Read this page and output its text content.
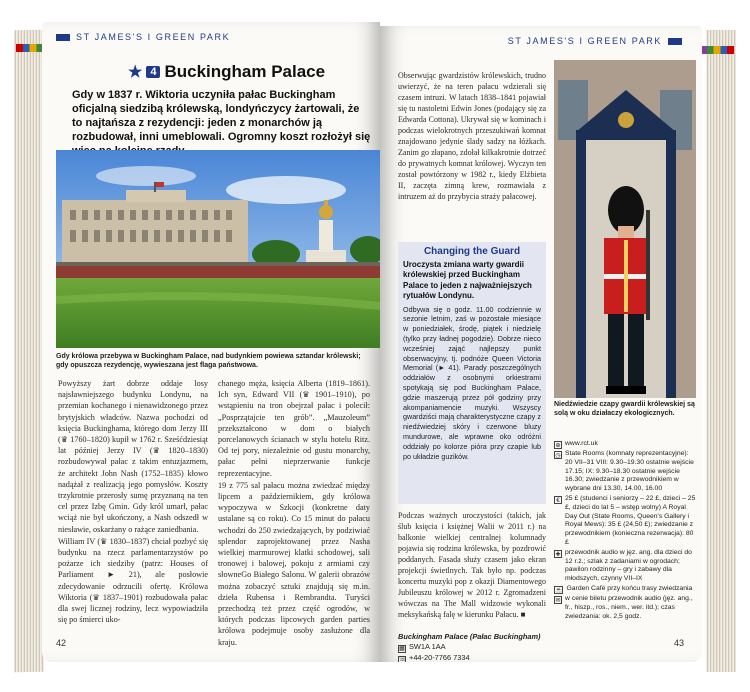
ST JAMES'S I GREEN PARK
★ 4 Buckingham Palace
Gdy w 1837 r. Wiktoria uczyniła pałac Buckingham oficjalną siedzibą królewską, londyńczycy żartowali, że to najtańsza z rezydencji: jeden z monarchów ją rozbudował, inni umeblowali. Ogromny koszt rozłożył się
Gdy królowa przebywa w Buckingham Palace, nad budynkiem powiewa sztandar królewski; gdy opuszcza rezydencję, wywieszana jest flaga państwowa.

Powyższy żart dobrze oddaje losy najsławniejszego budynku Londynu, na przemian kochanego i nienawidzonego przez brytyjskich władców. Nazwa pochodzi od księcia Buckinghama, którego dom Jerzy III (♛ 1760–1820) kupił w 1762 r. Sześćdziesiąt lat później Jerzy IV (♛ 1820–1830) rozbudowywał pałac z takim entuzjazmem, że architekt John Nash (1752–1835) kłowo nadążał z realizacją jego pomysłów. Koszty trzykrotnie przerosły sumę przyznaną na ten cel przez Izbę Gmin. Gdy król umarł, pałac wciąż nie był ukończony, a Nash odszedł w niesławie, oskarżany o rażące zaniedbania.

William IV (♛ 1830–1837) chciał pozbyć się budynku na rzecz parlamentarzystów po pożarze ich siedziby (patrz: Houses of Parliament ► 21), ale posłowie zdecydowanie odrzucili ofertę. Królowa Wiktoria (♛ 1837–1901) rozbudowała pałac dla swej licznej rodziny, lecz wypowiadziła się po śmierci uko-

chanego męża, księcia Alberta (1819–1861). Ich syn, Edward VII (♛ 1901–1910), po wstąpieniu na tron obejrzał pałac i polecił: „Posprzątajcie ten grób”. „Mauzoleum” przekształcono w dom o białych porcelanowych ścianach w stylu hotelu Ritz. Od tej pory, niezależnie od gustu monarchy, pałac pełni nieprzerwanie funkcje reprezentacyjne.

19 z 775 sal pałacu można zwiedzać między lipcem a październikiem, gdy królowa wypoczywa w Szkocji (konkretne daty ustalane są co roku). Co 15 minut do pałacu wchodzi do 250 zwiedzających, by podziwiać splendor zaprojektowanej przez Nasha wielkiej marmurowej klatki schodowej, sali tronowej i balowej, pokoju z armiami czy słowneGo Białego Salonu. W galerii obrazów można zobaczyć sztuki znajdują się m.in. dzieła Rubensa i Rembrandta. Turyści przechodzą też przez część ogrodów, w których podczas lipcowych garden parties królowa podejmuje osoby zasłużone dla kraju.

42
ST JAMES'S I GREEN PARK
Obserwując gwardzistów królewskich, trudno uwierzyć, że na teren pałacu wdzierali się czasem intruzi. W latach 1838–1841 pojawiał się tu nastoletni Edwin Jones (podający się za Edwarda Cottona). Ukrywał się w kominach i podczas wielokrotnych przeszukiwań komnat znajdowano jedynie ślady sadzy na łóżkach. Zanim go złapano, zdołał kilkakrotnie dotrzeć do prywatnych komnat królowej. Wyczyn ten został powtórzony w 1982 r., kiedy Elżbieta II, zaczęta zimną krew, rozmawiała z intruzem aż do przybycia straży pałacowej.
Niedźwiedzie czapy gwardii królewskiej są solą w oku działaczy ekologicznych.
Changing the Guard
Uroczysta zmiana warty gwardii królewskiej przed Buckingham Palace to jeden z najważniejszych rytuałów Londynu.
Odbywa się o godz. 11.00 codziennie w sezonie letnim, zaś w pozostałe miesiące w poniedziałek, środę, piątek i niedzielę (tylko przy ładnej pogodzie). Dobrze nieco wcześniej zająć najlepszy punkt obserwacyjny, tj. podnóże Queen Victoria Memorial (► 41). Parady poszczególnych oddziałów z osobnymi orkiestrami spotykają się pod Buckingham Palace, gdzie maszerują przez pół godziny przy akompaniamencie muzyki. Wszyscy gwardziści mają charakterystyczne czapy z niedźwiedziej skóry i czerwone bluzy mundurowe, ale wprawne oko odróżni oddziały po kolorze pióra przy czapie lub po układzie guzików.
Podczas ważnych uroczystości (takich, jak ślub księcia i księżnej Walii w 2011 r.) na balkonie wielkiej centralnej kolumnady pojawia się rodzina królewska, by pozdrowić poddanych. Fasada służy czasem jako ekran projekcji świetlnych. Tak było np. podczas koncertu muzyki pop z okazji Diamentowego Jubileuszu królowej w 2012 r. Zgromadzeni wówczas na The Mall widzowie wykonali meksykańską falę w kierunku Pałacu. ■
Buckingham Palace (Pałac Buckingham)
▦ SW1A 1AA
☏ +44-20-7766 7334
⊕ www.rct.uk
◷ State Rooms (komnaty reprezentacyjne): 20 VII–31 VIII: 9.30–19.30 ostatnie wejście 17.15; IX: 9.30–18.30 ostatnie wejście 16.30; zwiedzanie z przewodnikiem w wybrane dni 13.30, 14.00, 16.00
€ 25 £ (studenci i seniorzy – 22 £, dzieci – 25 £, dzieci do lat 5 – wstęp wolny) A Royal Day Out (State Rooms, Queen's Gallery i Royal Mews): 35 £ (24,50 £); zwiedzanie z przewodnikiem (konieczna rezerwacja): 80 £
✚ przewodnik audio w jęz. ang. dla dzieci do 12 r.ż.; szlak z zadaniami w ogrodach; pawilon rodzinny – gry i zabawy dla młodszych, czynny VII–IX
☕ Garden Café przy końcu trasy zwiedzania
✉ w cenie biletu przewodnik audio (jęz. ang., fr., hiszp., ros., niem., wer. itd.); czas zwiedzania: ok. 2,5 godz.
43
